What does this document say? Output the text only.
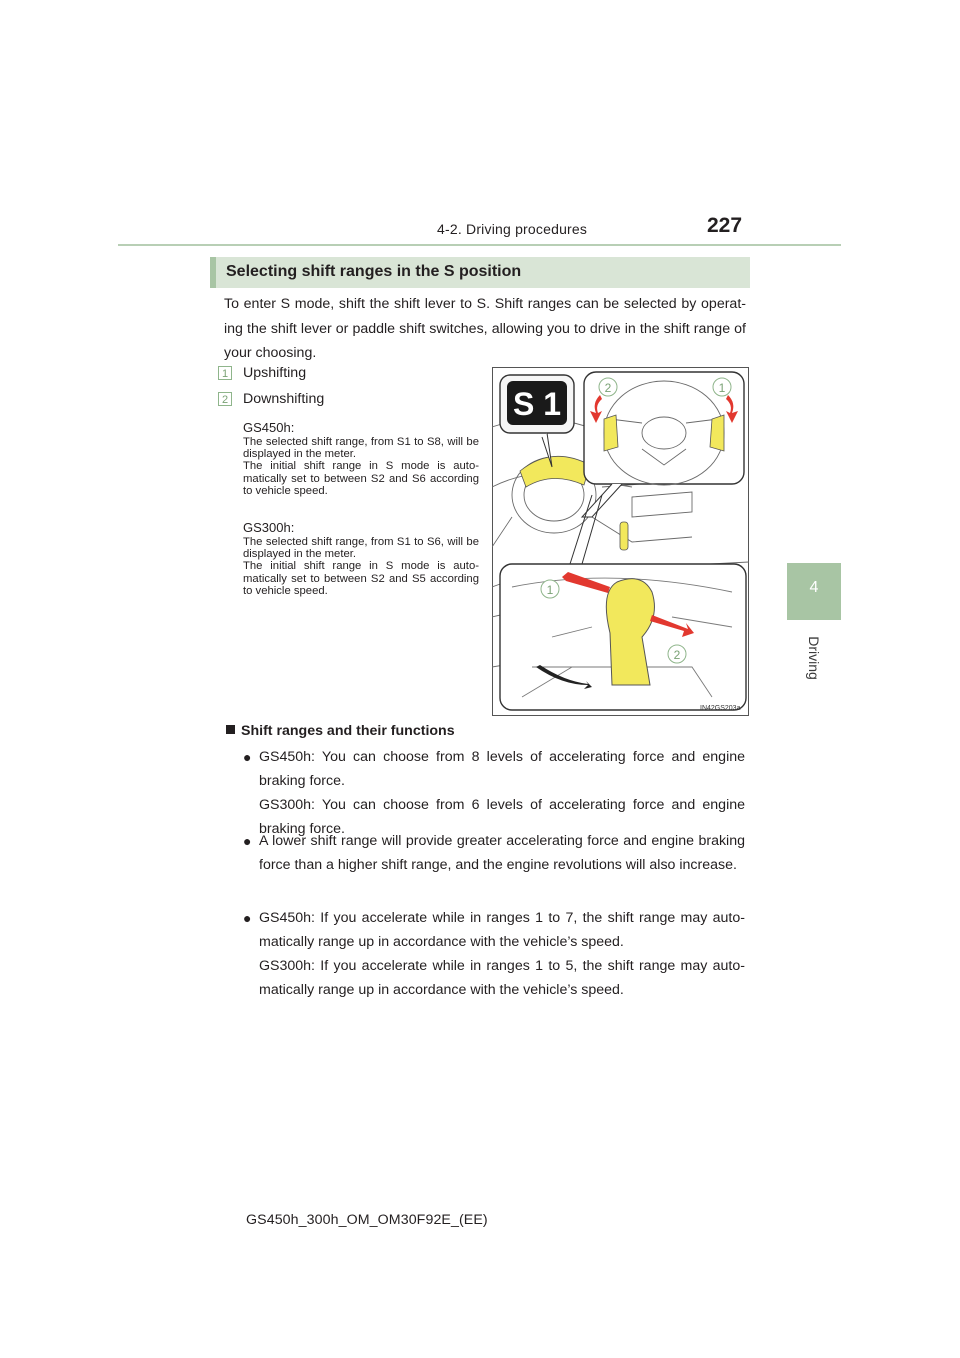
4-2. Driving procedures	227
4
Driving
Selecting shift ranges in the S position
To enter S mode, shift the shift lever to S. Shift ranges can be selected by operat-ing the shift lever or paddle shift switches, allowing you to drive in the shift range of your choosing.
1 Upshifting
2 Downshifting
GS450h:

The selected shift range, from S1 to S8, will be displayed in the meter.

The initial shift range in S mode is auto-matically set to between S2 and S6 according to vehicle speed.

GS300h:

The selected shift range, from S1 to S6, will be displayed in the meter.

The initial shift range in S mode is auto-matically set to between S2 and S5 according to vehicle speed.

S 1	2	1
1
2
IN42GS203a
Shift ranges and their functions
● GS450h: You can choose from 8 levels of accelerating force and engine braking force.

GS300h: You can choose from 6 levels of accelerating force and engine braking force.

● A lower shift range will provide greater accelerating force and engine braking force than a higher shift range, and the engine revolutions will also increase.

● GS450h: If you accelerate while in ranges 1 to 7, the shift range may auto-matically range up in accordance with the vehicle’s speed.

GS300h: If you accelerate while in ranges 1 to 5, the shift range may auto-matically range up in accordance with the vehicle’s speed.

GS450h_300h_OM_OM30F92E_(EE)
